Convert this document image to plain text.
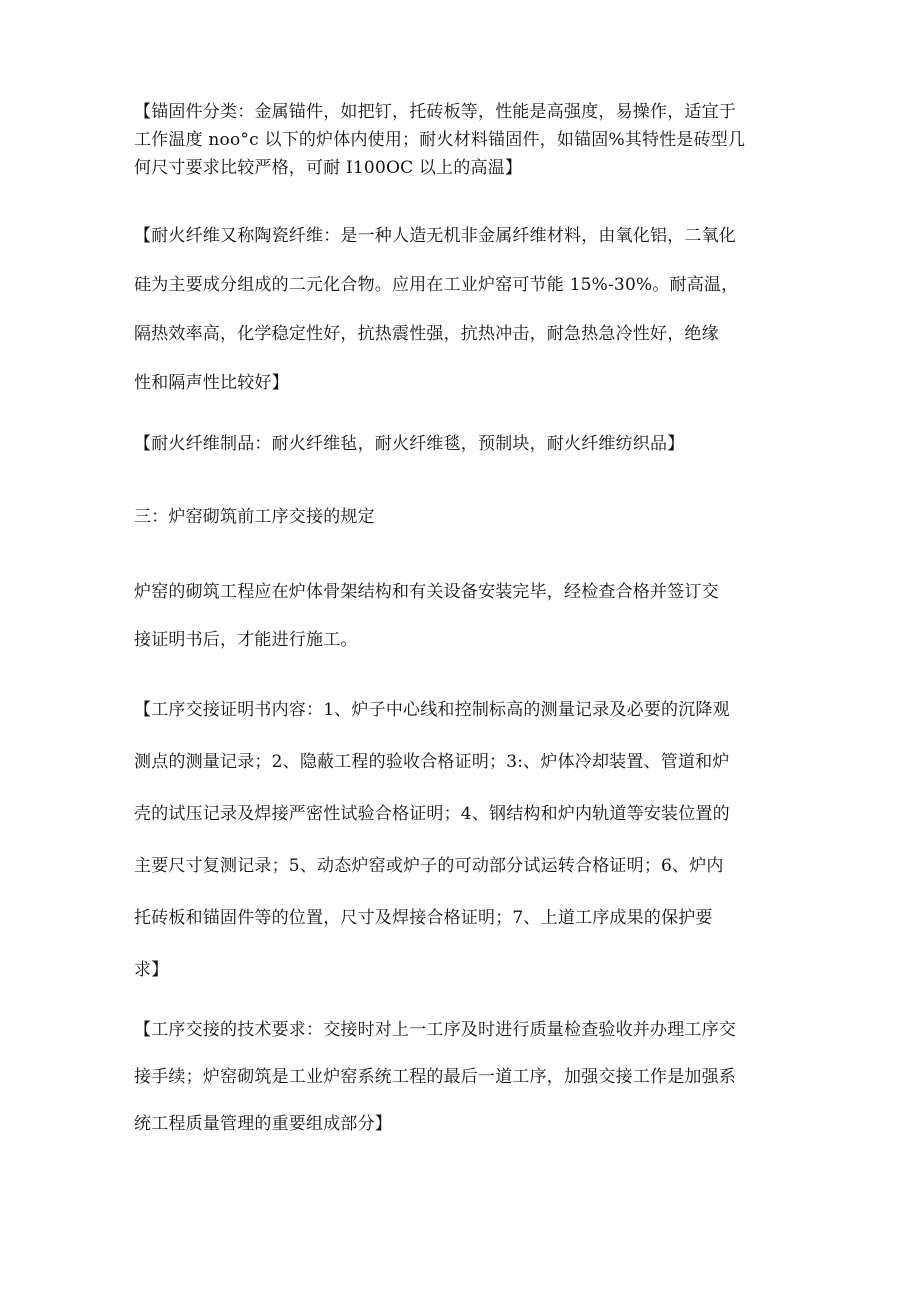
【锚固件分类：金属锚件，如把钉，托砖板等，性能是高强度，易操作，适宜于
工作温度 noo°c 以下的炉体内使用；耐火材料锚固件，如锚固%其特性是砖型几
何尺寸要求比较严格，可耐 I100OC 以上的高温】

【耐火纤维又称陶瓷纤维：是一种人造无机非金属纤维材料，由氧化铝，二氧化
硅为主要成分组成的二元化合物。应用在工业炉窑可节能 15%-30%。耐高温，
隔热效率高，化学稳定性好，抗热震性强，抗热冲击，耐急热急冷性好，绝缘
性和隔声性比较好】

【耐火纤维制品：耐火纤维毡，耐火纤维毯，预制块，耐火纤维纺织品】

三：炉窑砌筑前工序交接的规定

炉窑的砌筑工程应在炉体骨架结构和有关设备安装完毕，经检查合格并签订交
接证明书后，才能进行施工。

【工序交接证明书内容：1、炉子中心线和控制标高的测量记录及必要的沉降观
测点的测量记录；2、隐蔽工程的验收合格证明；3:、炉体冷却装置、管道和炉
壳的试压记录及焊接严密性试验合格证明；4、钢结构和炉内轨道等安装位置的
主要尺寸复测记录；5、动态炉窑或炉子的可动部分试运转合格证明；6、炉内
托砖板和锚固件等的位置，尺寸及焊接合格证明；7、上道工序成果的保护要
求】

【工序交接的技术要求：交接时对上一工序及时进行质量检查验收并办理工序交
接手续；炉窑砌筑是工业炉窑系统工程的最后一道工序，加强交接工作是加强系
统工程质量管理的重要组成部分】
